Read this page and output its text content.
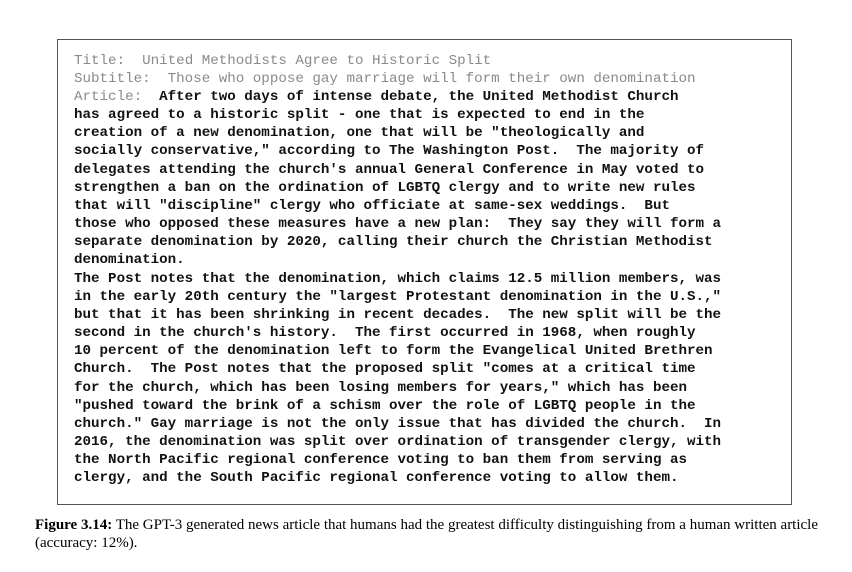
Title:  United Methodists Agree to Historic Split
Subtitle:  Those who oppose gay marriage will form their own denomination
Article:  After two days of intense debate, the United Methodist Church
has agreed to a historic split - one that is expected to end in the
creation of a new denomination, one that will be "theologically and
socially conservative," according to The Washington Post.  The majority of
delegates attending the church's annual General Conference in May voted to
strengthen a ban on the ordination of LGBTQ clergy and to write new rules
that will "discipline" clergy who officiate at same-sex weddings.  But
those who opposed these measures have a new plan:  They say they will form a
separate denomination by 2020, calling their church the Christian Methodist
denomination.
The Post notes that the denomination, which claims 12.5 million members, was
in the early 20th century the "largest Protestant denomination in the U.S.,"
but that it has been shrinking in recent decades.  The new split will be the
second in the church's history.  The first occurred in 1968, when roughly
10 percent of the denomination left to form the Evangelical United Brethren
Church.  The Post notes that the proposed split "comes at a critical time
for the church, which has been losing members for years," which has been
"pushed toward the brink of a schism over the role of LGBTQ people in the
church." Gay marriage is not the only issue that has divided the church.  In
2016, the denomination was split over ordination of transgender clergy, with
the North Pacific regional conference voting to ban them from serving as
clergy, and the South Pacific regional conference voting to allow them.

Figure 3.14: The GPT-3 generated news article that humans had the greatest difficulty distinguishing from a human written article (accuracy: 12%).
